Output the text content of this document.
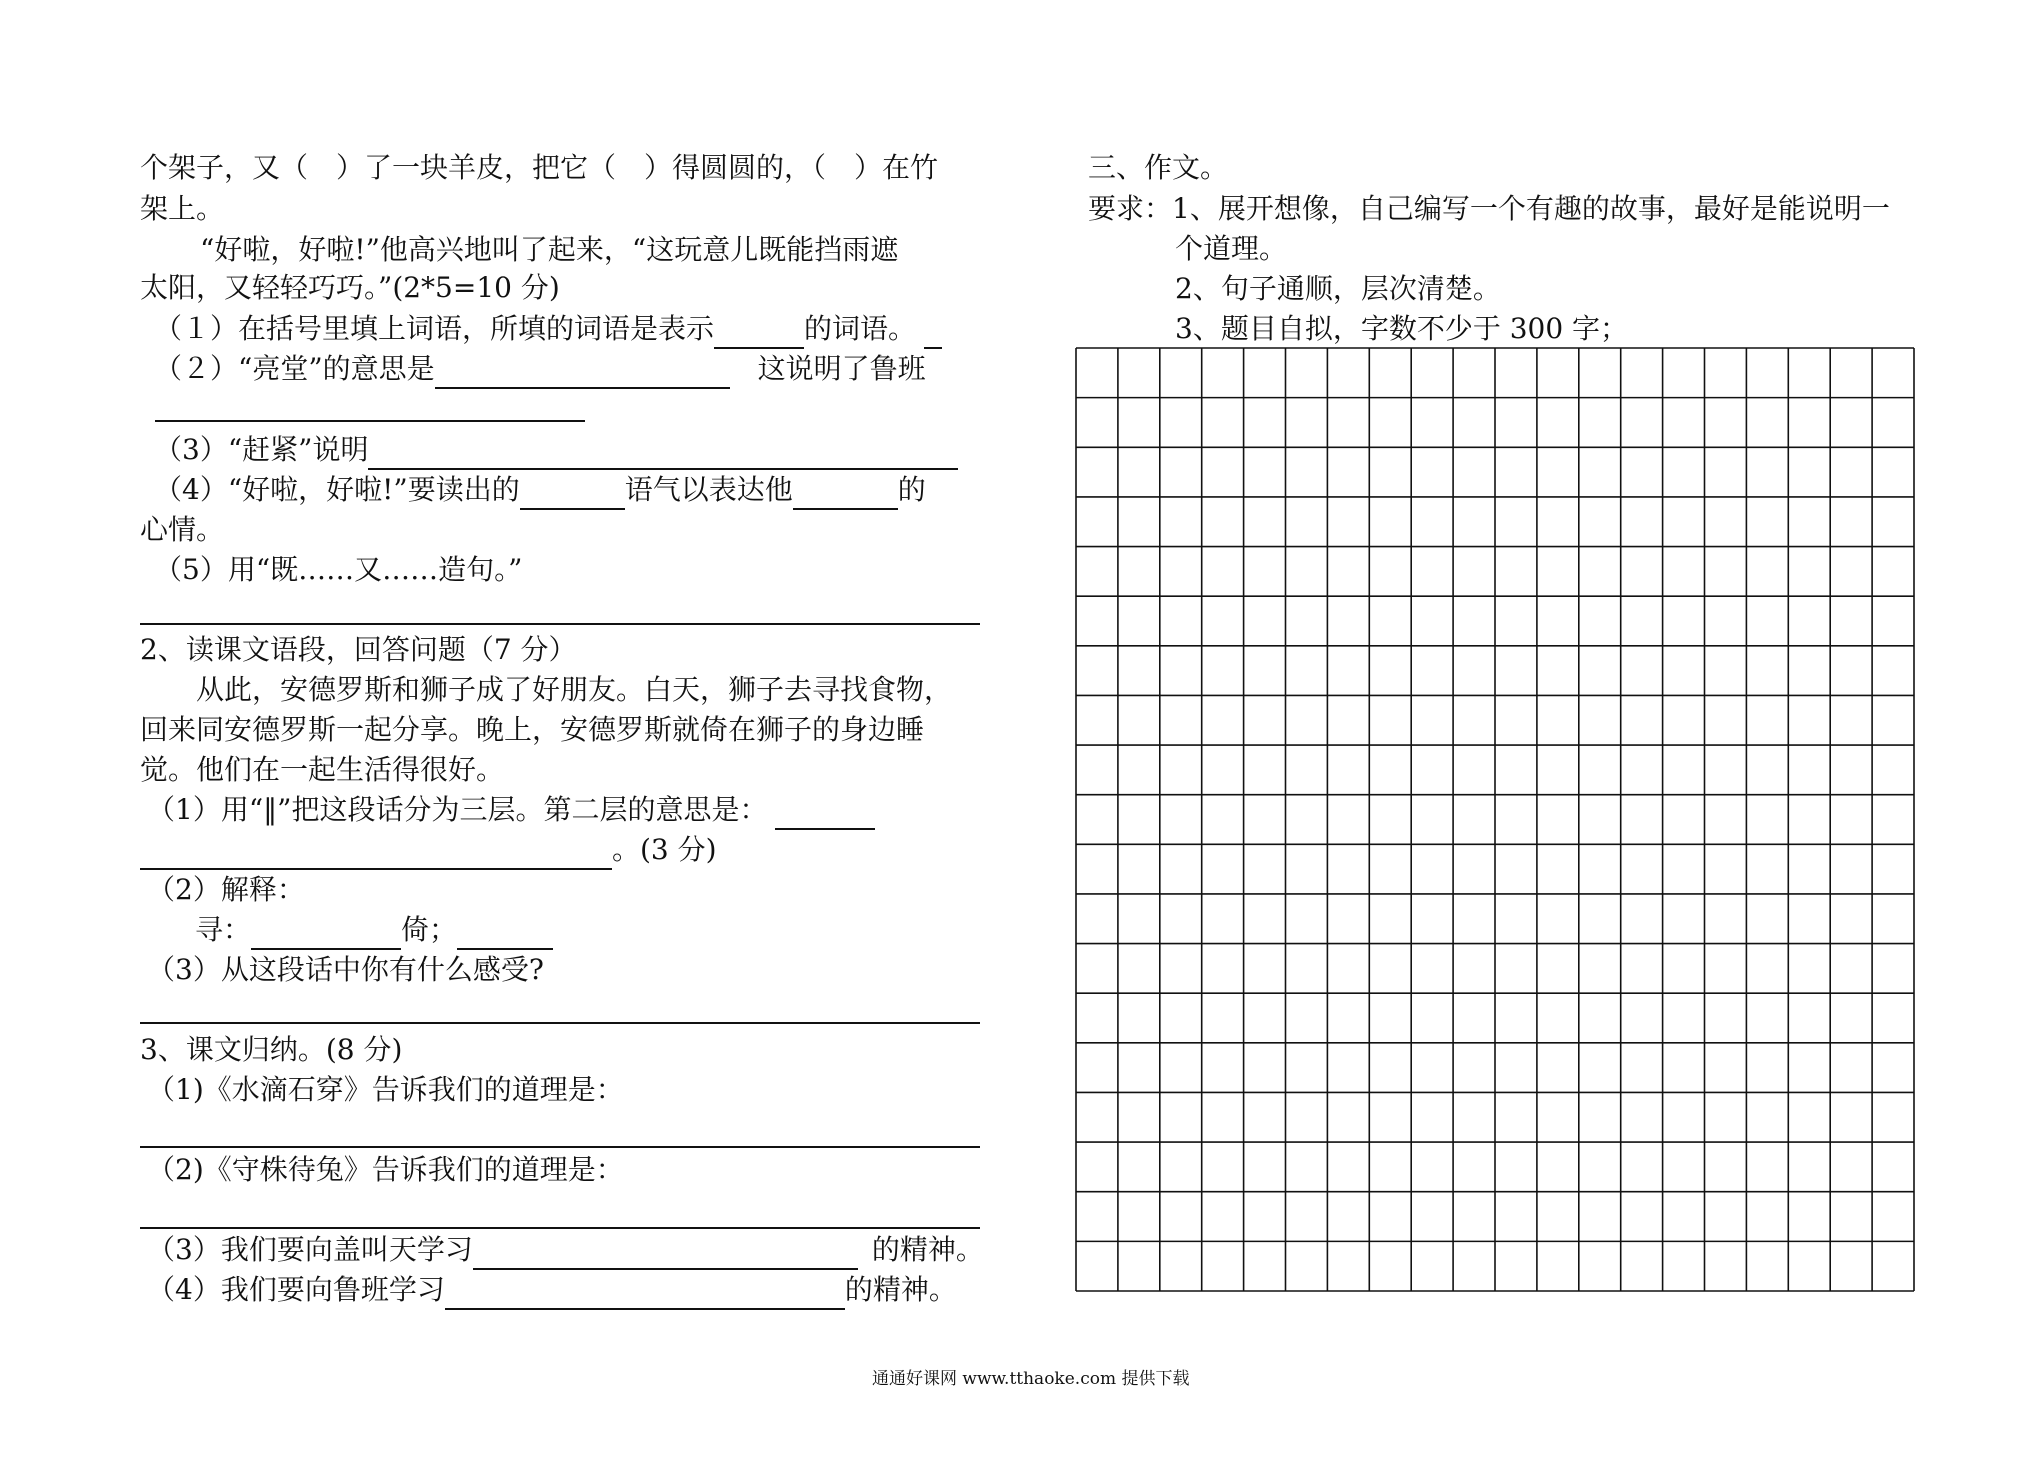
个架子，又（　）了一块羊皮，把它（　）得圆圆的，（　）在竹
架上。
“好啦，好啦!”他高兴地叫了起来，“这玩意儿既能挡雨遮
太阳，又轻轻巧巧。”(2*5=10 分)
（１）在括号里填上词语，所填的词语是表示	的词语。
（２）“亮堂”的意思是	这说明了鲁班
（3）“赶紧”说明
（4）“好啦，好啦!”要读出的	语气以表达他	的
心情。
（5）用“既……又……造句。”
2、读课文语段，回答问题（7 分）
从此，安德罗斯和狮子成了好朋友。白天，狮子去寻找食物，
回来同安德罗斯一起分享。晚上，安德罗斯就倚在狮子的身边睡
觉。他们在一起生活得很好。
（1）用“‖”把这段话分为三层。第二层的意思是：
。(3 分)
（2）解释：
寻：	倚；
（3）从这段话中你有什么感受?
3、课文归纳。(8 分)
（1)《水滴石穿》告诉我们的道理是：
（2)《守株待兔》告诉我们的道理是：
（3）我们要向盖叫天学习	的精神。
（4）我们要向鲁班学习	的精神。
三、作文。
要求：1、展开想像，自己编写一个有趣的故事，最好是能说明一
个道理。
2、句子通顺，层次清楚。
3、题目自拟，字数不少于 300 字；
通通好课网 www.tthaoke.com 提供下载
